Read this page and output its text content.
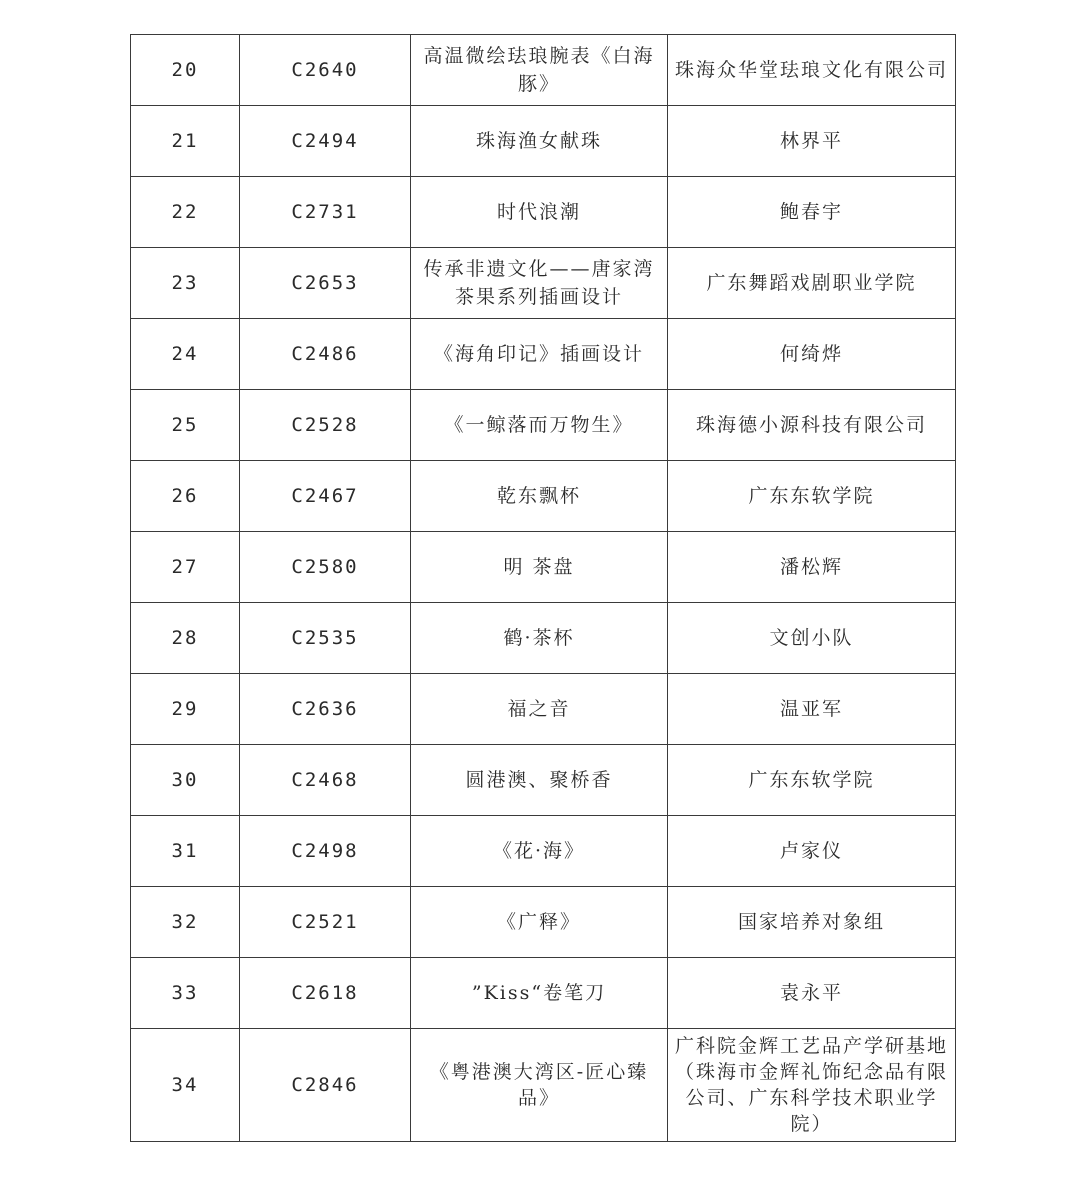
20	C2640	高温微绘珐琅腕表《白海豚》	珠海众华堂珐琅文化有限公司
21	C2494	珠海渔女献珠	林界平
22	C2731	时代浪潮	鲍春宇
23	C2653	传承非遗文化——唐家湾茶果系列插画设计	广东舞蹈戏剧职业学院
24	C2486	《海角印记》插画设计	何绮烨
25	C2528	《一鲸落而万物生》	珠海德小源科技有限公司
26	C2467	乾东飘杯	广东东软学院
27	C2580	明 茶盘	潘松辉
28	C2535	鹤·茶杯	文创小队
29	C2636	福之音	温亚军
30	C2468	圆港澳、聚桥香	广东东软学院
31	C2498	《花·海》	卢家仪
32	C2521	《广释》	国家培养对象组
33	C2618	”Kiss“卷笔刀	袁永平
34	C2846	《粤港澳大湾区-匠心臻品》	广科院金辉工艺品产学研基地（珠海市金辉礼饰纪念品有限公司、广东科学技术职业学院）
